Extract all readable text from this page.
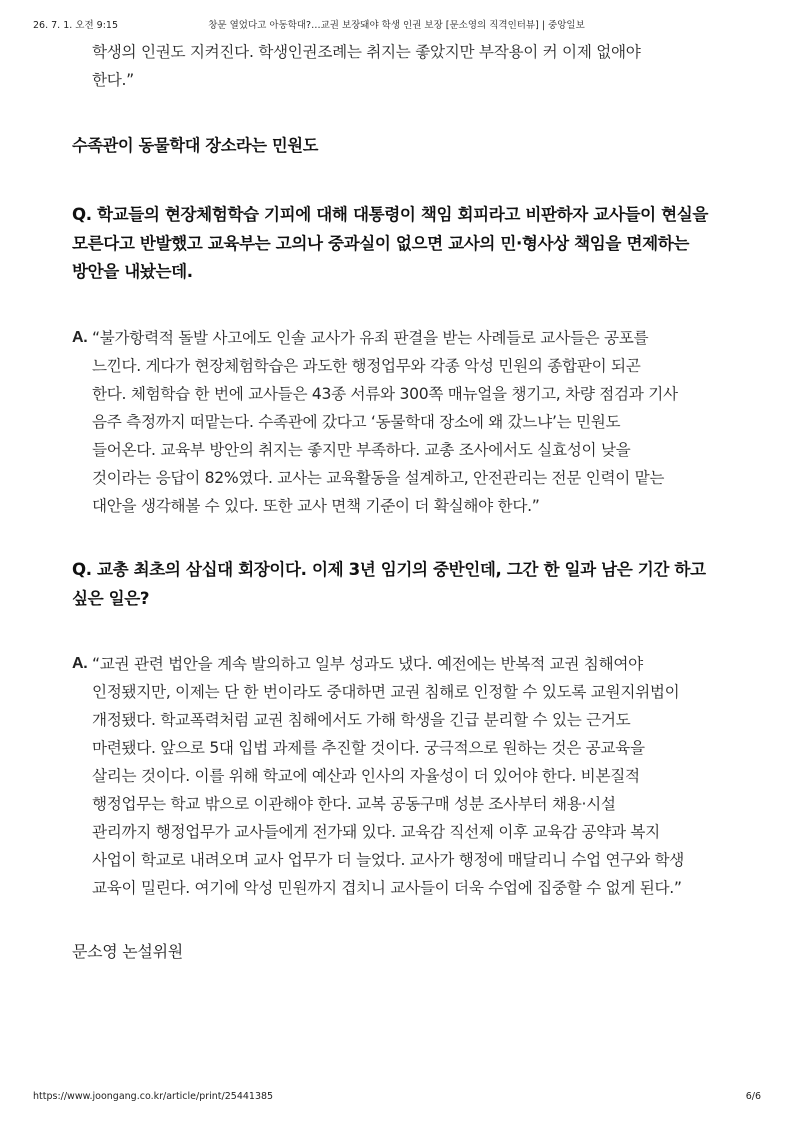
26. 7. 1. 오전 9:15	창문 열었다고 아동학대?…교권 보장돼야 학생 인권 보장 [문소영의 직격인터뷰] | 중앙일보
학생의 인권도 지켜진다. 학생인권조례는 취지는 좋았지만 부작용이 커 이제 없애야
한다.”
수족관이 동물학대 장소라는 민원도
Q. 학교들의 현장체험학습 기피에 대해 대통령이 책임 회피라고 비판하자 교사들이 현실을
모른다고 반발했고 교육부는 고의나 중과실이 없으면 교사의 민·형사상 책임을 면제하는
방안을 내놨는데.
A. “불가항력적 돌발 사고에도 인솔 교사가 유죄 판결을 받는 사례들로 교사들은 공포를
느낀다. 게다가 현장체험학습은 과도한 행정업무와 각종 악성 민원의 종합판이 되곤
한다. 체험학습 한 번에 교사들은 43종 서류와 300쪽 매뉴얼을 챙기고, 차량 점검과 기사
음주 측정까지 떠맡는다. 수족관에 갔다고 ‘동물학대 장소에 왜 갔느냐’는 민원도
들어온다. 교육부 방안의 취지는 좋지만 부족하다. 교총 조사에서도 실효성이 낮을
것이라는 응답이 82%였다. 교사는 교육활동을 설계하고, 안전관리는 전문 인력이 맡는
대안을 생각해볼 수 있다. 또한 교사 면책 기준이 더 확실해야 한다.”
Q. 교총 최초의 삼십대 회장이다. 이제 3년 임기의 중반인데, 그간 한 일과 남은 기간 하고
싶은 일은?
A. “교권 관련 법안을 계속 발의하고 일부 성과도 냈다. 예전에는 반복적 교권 침해여야
인정됐지만, 이제는 단 한 번이라도 중대하면 교권 침해로 인정할 수 있도록 교원지위법이
개정됐다. 학교폭력처럼 교권 침해에서도 가해 학생을 긴급 분리할 수 있는 근거도
마련됐다. 앞으로 5대 입법 과제를 추진할 것이다. 궁극적으로 원하는 것은 공교육을
살리는 것이다. 이를 위해 학교에 예산과 인사의 자율성이 더 있어야 한다. 비본질적
행정업무는 학교 밖으로 이관해야 한다. 교복 공동구매 성분 조사부터 채용·시설
관리까지 행정업무가 교사들에게 전가돼 있다. 교육감 직선제 이후 교육감 공약과 복지
사업이 학교로 내려오며 교사 업무가 더 늘었다. 교사가 행정에 매달리니 수업 연구와 학생
교육이 밀린다. 여기에 악성 민원까지 겹치니 교사들이 더욱 수업에 집중할 수 없게 된다.”
문소영 논설위원
https://www.joongang.co.kr/article/print/25441385	6/6
